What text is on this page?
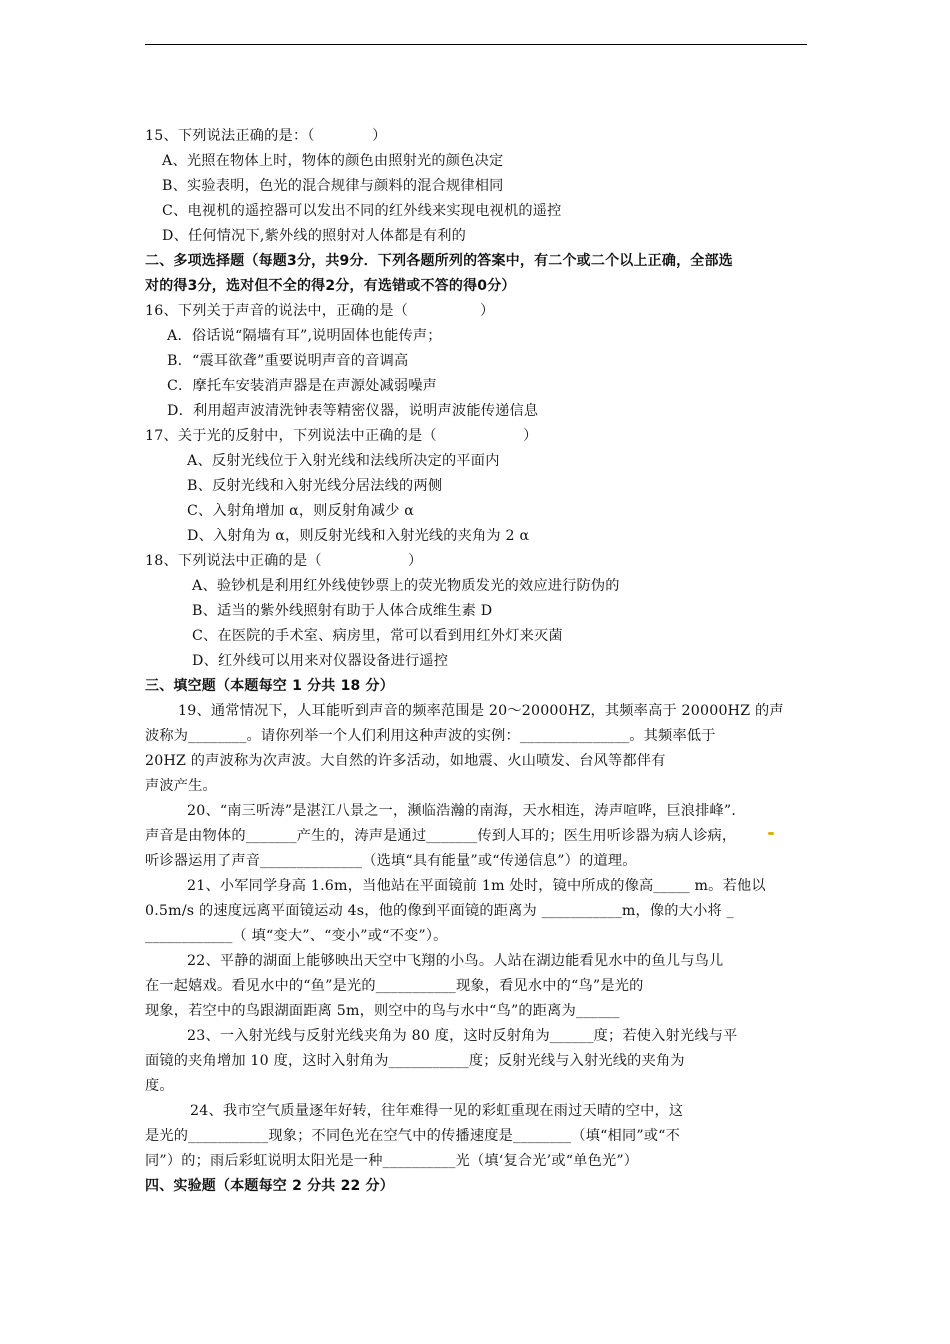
15、下列说法正确的是：（　　　　）
A、光照在物体上时，物体的颜色由照射光的颜色决定
B、实验表明，色光的混合规律与颜料的混合规律相同
C、电视机的遥控器可以发出不同的红外线来实现电视机的遥控
D、任何情况下,紫外线的照射对人体都是有利的
二、多项选择题（每题3分，共9分．下列各题所列的答案中，有二个或二个以上正确，全部选
对的得3分，选对但不全的得2分，有选错或不答的得0分）
16、下列关于声音的说法中，正确的是（　　　　　）
A．俗话说“隔墙有耳”,说明固体也能传声；
B．“震耳欲聋”重要说明声音的音调高
C．摩托车安装消声器是在声源处减弱噪声
D．利用超声波清洗钟表等精密仪器，说明声波能传递信息
17、关于光的反射中，下列说法中正确的是（　　　　　　）
A、反射光线位于入射光线和法线所决定的平面内
B、反射光线和入射光线分居法线的两侧
C、入射角增加 α，则反射角减少 α
D、入射角为 α，则反射光线和入射光线的夹角为 2 α
18、下列说法中正确的是（　　　　　　）
A、验钞机是利用红外线使钞票上的荧光物质发光的效应进行防伪的
B、适当的紫外线照射有助于人体合成维生素 D
C、在医院的手术室、病房里，常可以看到用红外灯来灭菌
D、红外线可以用来对仪器设备进行遥控
三、填空题（本题每空 1 分共 18 分）
19、通常情况下，人耳能听到声音的频率范围是 20～20000HZ，其频率高于 20000HZ 的声
波称为________。请你列举一个人们利用这种声波的实例：_______________。其频率低于
20HZ 的声波称为次声波。大自然的许多活动，如地震、火山喷发、台风等都伴有
声波产生。
20、“南三听涛”是湛江八景之一，濒临浩瀚的南海，天水相连，涛声喧哗，巨浪排峰”．
声音是由物体的_______产生的，涛声是通过_______传到人耳的；医生用听诊器为病人诊病，
听诊器运用了声音______________（选填“具有能量”或“传递信息”）的道理。
21、小军同学身高 1.6m，当他站在平面镜前 1m 处时，镜中所成的像高_____ m。若他以
0.5m/s 的速度远离平面镜运动 4s，他的像到平面镜的距离为 ___________m，像的大小将 _
____________（ 填“变大”、“变小”或“不变”）。
22、平静的湖面上能够映出天空中飞翔的小鸟。人站在湖边能看见水中的鱼儿与鸟儿
在一起嬉戏。看见水中的“鱼”是光的___________现象，看见水中的“鸟”是光的
现象，若空中的鸟跟湖面距离 5m，则空中的鸟与水中“鸟”的距离为______
23、一入射光线与反射光线夹角为 80 度，这时反射角为______度；若使入射光线与平
面镜的夹角增加 10 度，这时入射角为___________度；反射光线与入射光线的夹角为
度。
24、我市空气质量逐年好转，往年难得一见的彩虹重现在雨过天晴的空中，这
是光的___________现象；不同色光在空气中的传播速度是________（填“相同”或“不
同”）的；雨后彩虹说明太阳光是一种__________光（填‘复合光’或“单色光”）
四、实验题（本题每空 2 分共 22 分）
